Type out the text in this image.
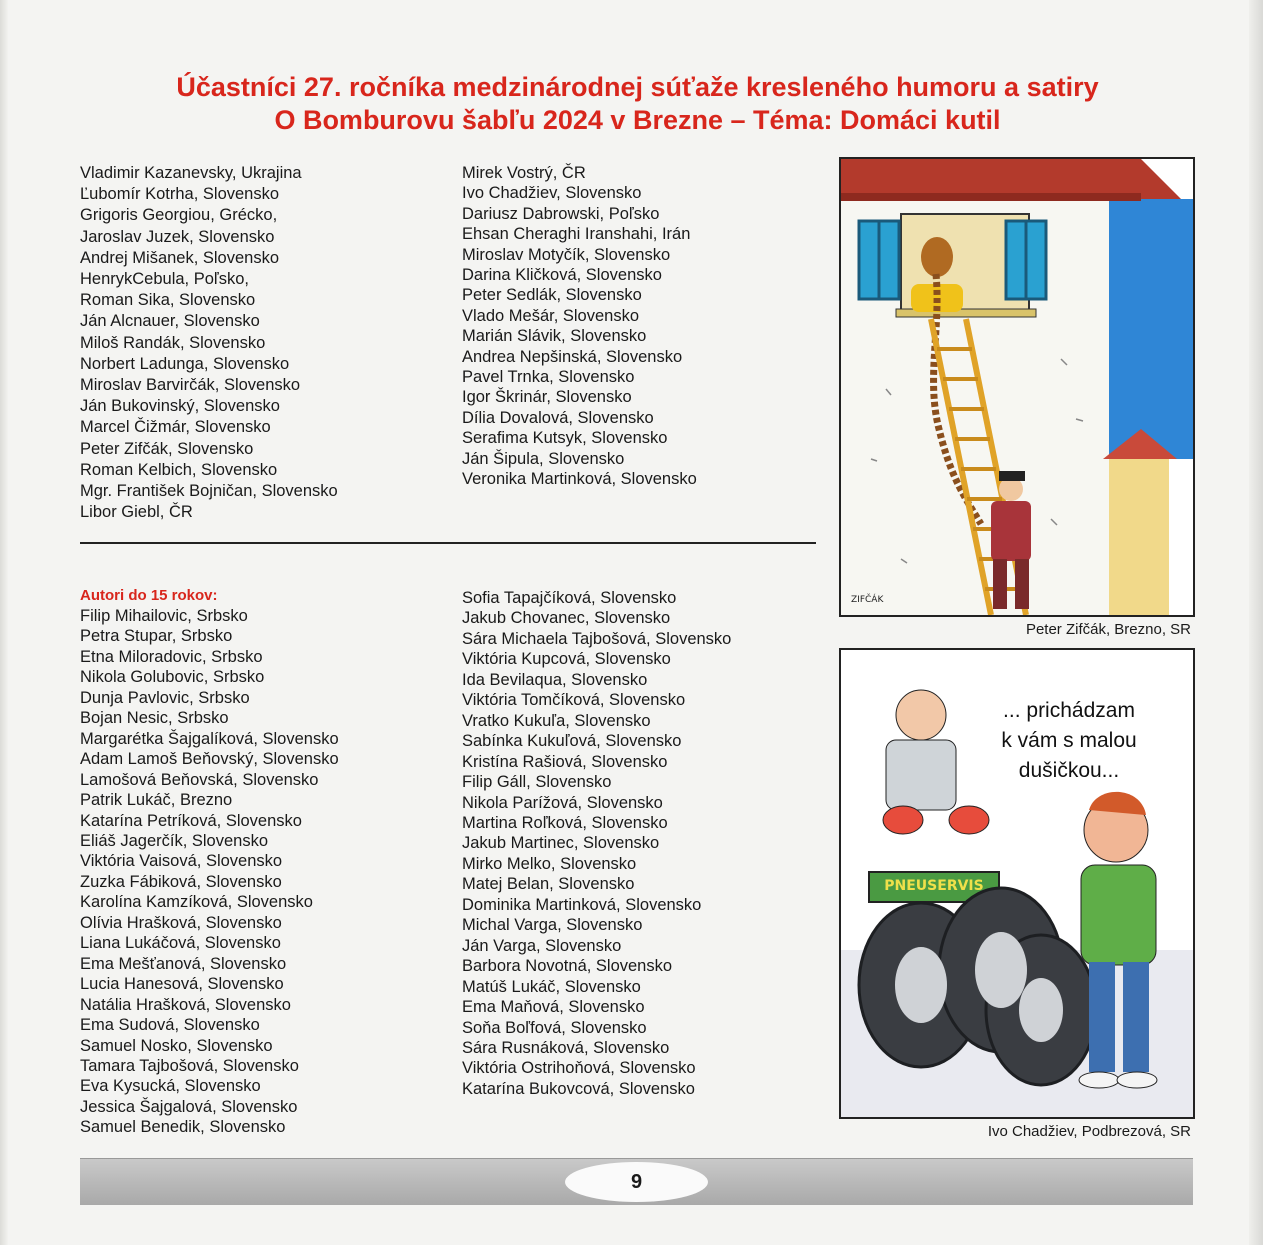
Účastníci 27. ročníka medzinárodnej súťaže kresleného humoru a satiry
O Bomburovu šabľu 2024 v Brezne – Téma: Domáci kutil
Vladimir Kazanevsky, Ukrajina
Ľubomír Kotrha, Slovensko
Grigoris Georgiou, Grécko,
Jaroslav Juzek, Slovensko
Andrej Mišanek, Slovensko
HenrykCebula, Poľsko,
Roman Sika, Slovensko
Ján Alcnauer, Slovensko
Miloš Randák, Slovensko
Norbert Ladunga, Slovensko
Miroslav Barvirčák, Slovensko
Ján Bukovinský, Slovensko
Marcel Čižmár, Slovensko
Peter Zifčák, Slovensko
Roman Kelbich, Slovensko
Mgr. František Bojničan, Slovensko
Libor Giebl, ČR
Mirek Vostrý, ČR
Ivo Chadžiev, Slovensko
Dariusz Dabrowski, Poľsko
Ehsan Cheraghi Iranshahi, Irán
Miroslav Motyčík, Slovensko
Darina Kličková, Slovensko
Peter Sedlák, Slovensko
Vlado Mešár, Slovensko
Marián Slávik, Slovensko
Andrea Nepšinská, Slovensko
Pavel Trnka, Slovensko
Igor Škrinár, Slovensko
Dília Dovalová, Slovensko
Serafima Kutsyk, Slovensko
Ján Šipula, Slovensko
Veronika Martinková, Slovensko
Autori do 15 rokov:
Filip Mihailovic, Srbsko
Petra Stupar, Srbsko
Etna Miloradovic, Srbsko
Nikola Golubovic, Srbsko
Dunja Pavlovic, Srbsko
Bojan Nesic, Srbsko
Margarétka Šajgalíková, Slovensko
Adam Lamoš Beňovský, Slovensko
Lamošová Beňovská, Slovensko
Patrik Lukáč, Brezno
Katarína Petríková, Slovensko
Eliáš Jagerčík, Slovensko
Viktória Vaisová, Slovensko
Zuzka Fábiková, Slovensko
Karolína Kamzíková, Slovensko
Olívia Hrašková, Slovensko
Liana Lukáčová, Slovensko
Ema Mešťanová, Slovensko
Lucia Hanesová, Slovensko
Natália Hrašková, Slovensko
Ema Sudová, Slovensko
Samuel Nosko, Slovensko
Tamara Tajbošová, Slovensko
Eva Kysucká, Slovensko
Jessica Šajgalová, Slovensko
Samuel Benedik, Slovensko
Sofia Tapajčíková, Slovensko
Jakub Chovanec, Slovensko
Sára Michaela Tajbošová, Slovensko
Viktória Kupcová, Slovensko
Ida Bevilaqua, Slovensko
Viktória Tomčíková, Slovensko
Vratko Kukuľa, Slovensko
Sabínka Kukuľová, Slovensko
Kristína Rašiová, Slovensko
Filip Gáll, Slovensko
Nikola Parížová, Slovensko
Martina Roľková, Slovensko
Jakub Martinec, Slovensko
Mirko Melko, Slovensko
Matej Belan, Slovensko
Dominika Martinková, Slovensko
Michal Varga, Slovensko
Ján Varga, Slovensko
Barbora Novotná, Slovensko
Matúš Lukáč, Slovensko
Ema Maňová, Slovensko
Soňa Boľfová, Slovensko
Sára Rusnáková, Slovensko
Viktória Ostrihoňová, Slovensko
Katarína Bukovcová, Slovensko
ZIFČÁK
Peter Zifčák, Brezno, SR
... prichádzam
k vám s malou
dušičkou...
PNEUSERVIS
Ivo Chadžiev, Podbrezová, SR
9
